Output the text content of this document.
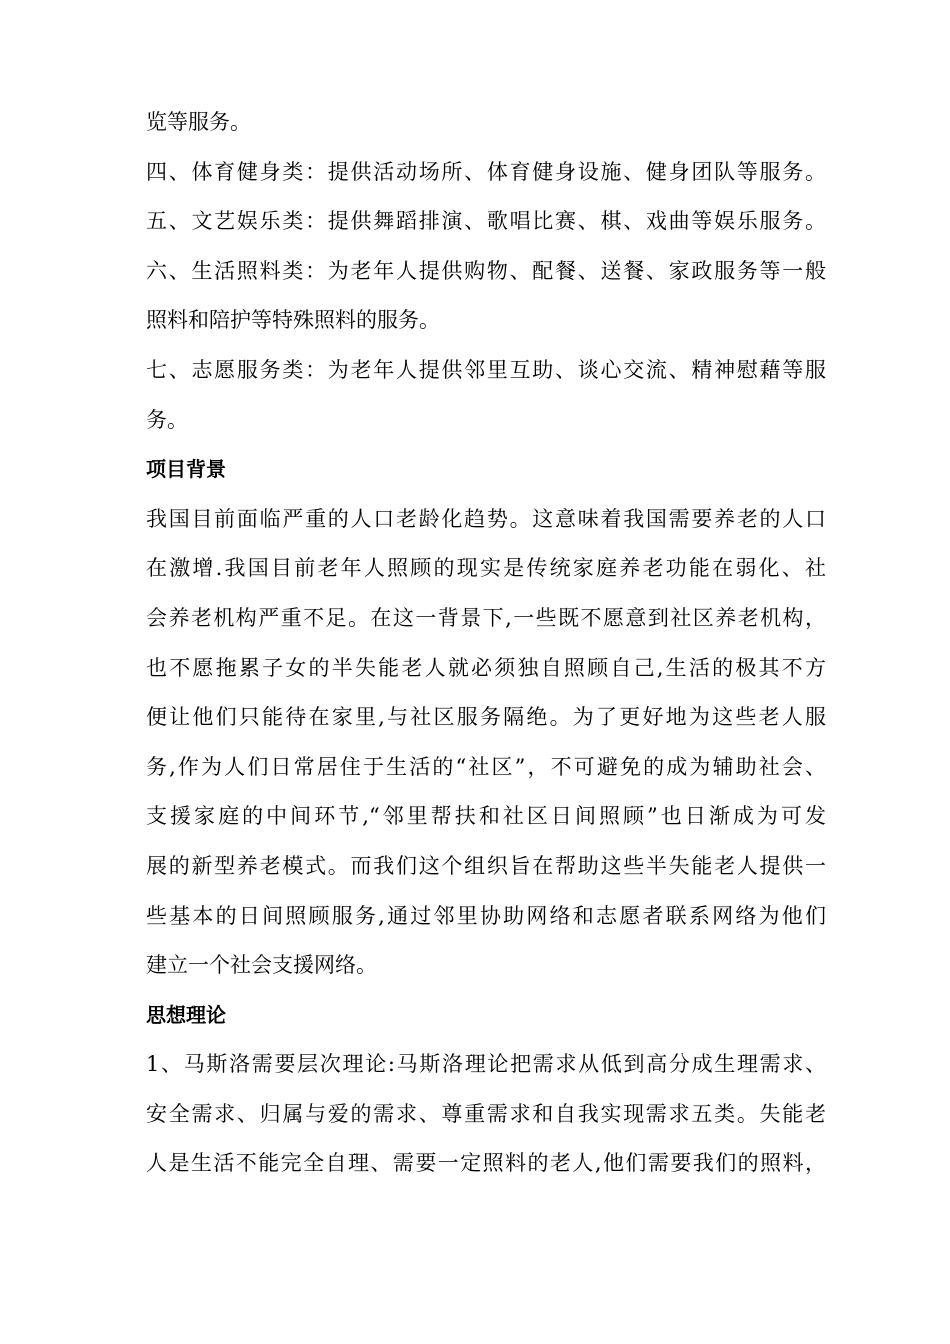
览等服务。
四、体育健身类：提供活动场所、体育健身设施、健身团队等服务。
五、文艺娱乐类：提供舞蹈排演、歌唱比赛、棋、戏曲等娱乐服务。
六、生活照料类：为老年人提供购物、配餐、送餐、家政服务等一般
照料和陪护等特殊照料的服务。
七、志愿服务类：为老年人提供邻里互助、谈心交流、精神慰藉等服
务。
项目背景
我国目前面临严重的人口老龄化趋势。这意味着我国需要养老的人口
在激增.我国目前老年人照顾的现实是传统家庭养老功能在弱化、社
会养老机构严重不足。在这一背景下,一些既不愿意到社区养老机构，
也不愿拖累子女的半失能老人就必须独自照顾自己,生活的极其不方
便让他们只能待在家里,与社区服务隔绝。为了更好地为这些老人服
务,作为人们日常居住于生活的“社区”，不可避免的成为辅助社会、
支援家庭的中间环节,“邻里帮扶和社区日间照顾”也日渐成为可发
展的新型养老模式。而我们这个组织旨在帮助这些半失能老人提供一
些基本的日间照顾服务,通过邻里协助网络和志愿者联系网络为他们
建立一个社会支援网络。
思想理论
1、马斯洛需要层次理论:马斯洛理论把需求从低到高分成生理需求、
安全需求、归属与爱的需求、尊重需求和自我实现需求五类。失能老
人是生活不能完全自理、需要一定照料的老人,他们需要我们的照料，
